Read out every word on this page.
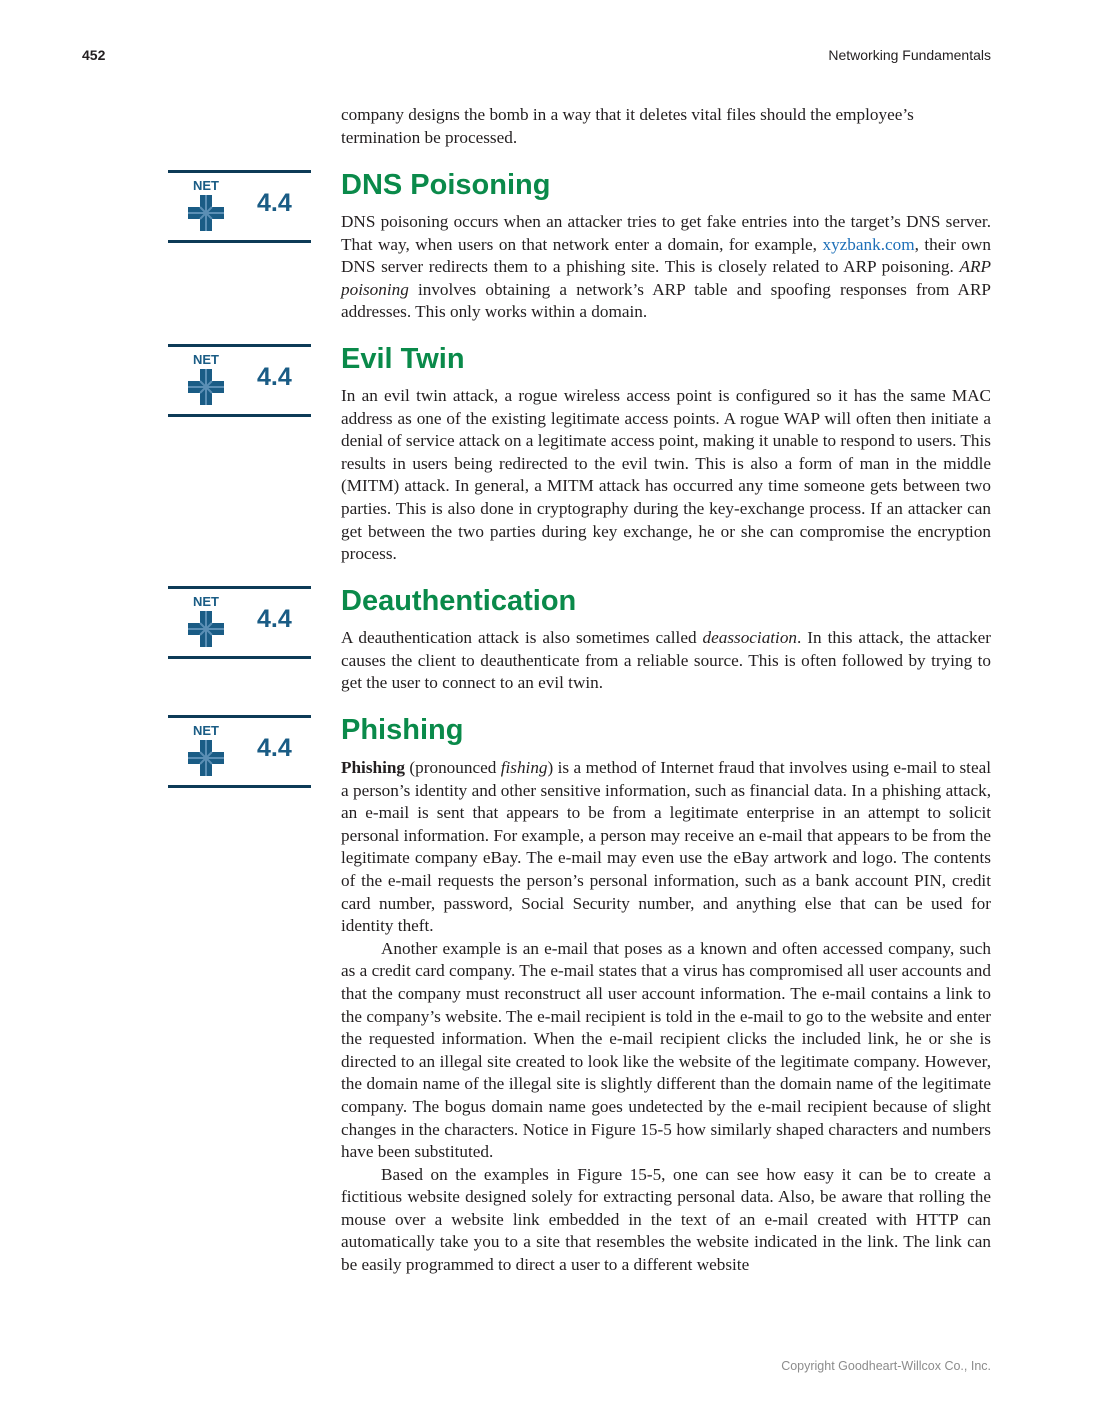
452	Networking Fundamentals

company designs the bomb in a way that it deletes vital files should the employee’s
termination be processed.

NET
4.4
DNS Poisoning

DNS poisoning occurs when an attacker tries to get fake entries into the target’s DNS server. That way, when users on that network enter a domain, for example, xyzbank.com, their own DNS server redirects them to a phishing site. This is closely related to ARP poisoning. ARP poisoning involves obtaining a network’s ARP table and spoofing responses from ARP addresses. This only works within a domain.

NET
4.4
Evil Twin

In an evil twin attack, a rogue wireless access point is configured so it has the same MAC address as one of the existing legitimate access points. A rogue WAP will often then initiate a denial of service attack on a legitimate access point, making it unable to respond to users. This results in users being redirected to the evil twin. This is also a form of man in the middle (MITM) attack. In general, a MITM attack has occurred any time someone gets between two parties. This is also done in cryptography during the key-exchange process. If an attacker can get between the two parties during key exchange, he or she can compromise the encryption process.

NET
4.4
Deauthentication

A deauthentication attack is also sometimes called deassociation. In this attack, the attacker causes the client to deauthenticate from a reliable source. This is often followed by trying to get the user to connect to an evil twin.

NET
4.4
Phishing

Phishing (pronounced fishing) is a method of Internet fraud that involves using e-mail to steal a person’s identity and other sensitive information, such as financial data. In a phishing attack, an e-mail is sent that appears to be from a legitimate enterprise in an attempt to solicit personal information. For example, a person may receive an e-mail that appears to be from the legitimate company eBay. The e-mail may even use the eBay artwork and logo. The contents of the e-mail requests the person’s personal information, such as a bank account PIN, credit card number, password, Social Security number, and anything else that can be used for identity theft.

Another example is an e-mail that poses as a known and often accessed company, such as a credit card company. The e-mail states that a virus has compromised all user accounts and that the company must reconstruct all user account information. The e-mail contains a link to the company’s website. The e-mail recipient is told in the e-mail to go to the website and enter the requested information. When the e-mail recipient clicks the included link, he or she is directed to an illegal site created to look like the website of the legitimate company. However, the domain name of the illegal site is slightly different than the domain name of the legitimate company. The bogus domain name goes undetected by the e-mail recipient because of slight changes in the characters. Notice in Figure 15-5 how similarly shaped characters and numbers have been substituted.

Based on the examples in Figure 15-5, one can see how easy it can be to create a fictitious website designed solely for extracting personal data. Also, be aware that rolling the mouse over a website link embedded in the text of an e-mail created with HTTP can automatically take you to a site that resembles the website indicated in the link. The link can be easily programmed to direct a user to a different website

Copyright Goodheart-Willcox Co., Inc.
